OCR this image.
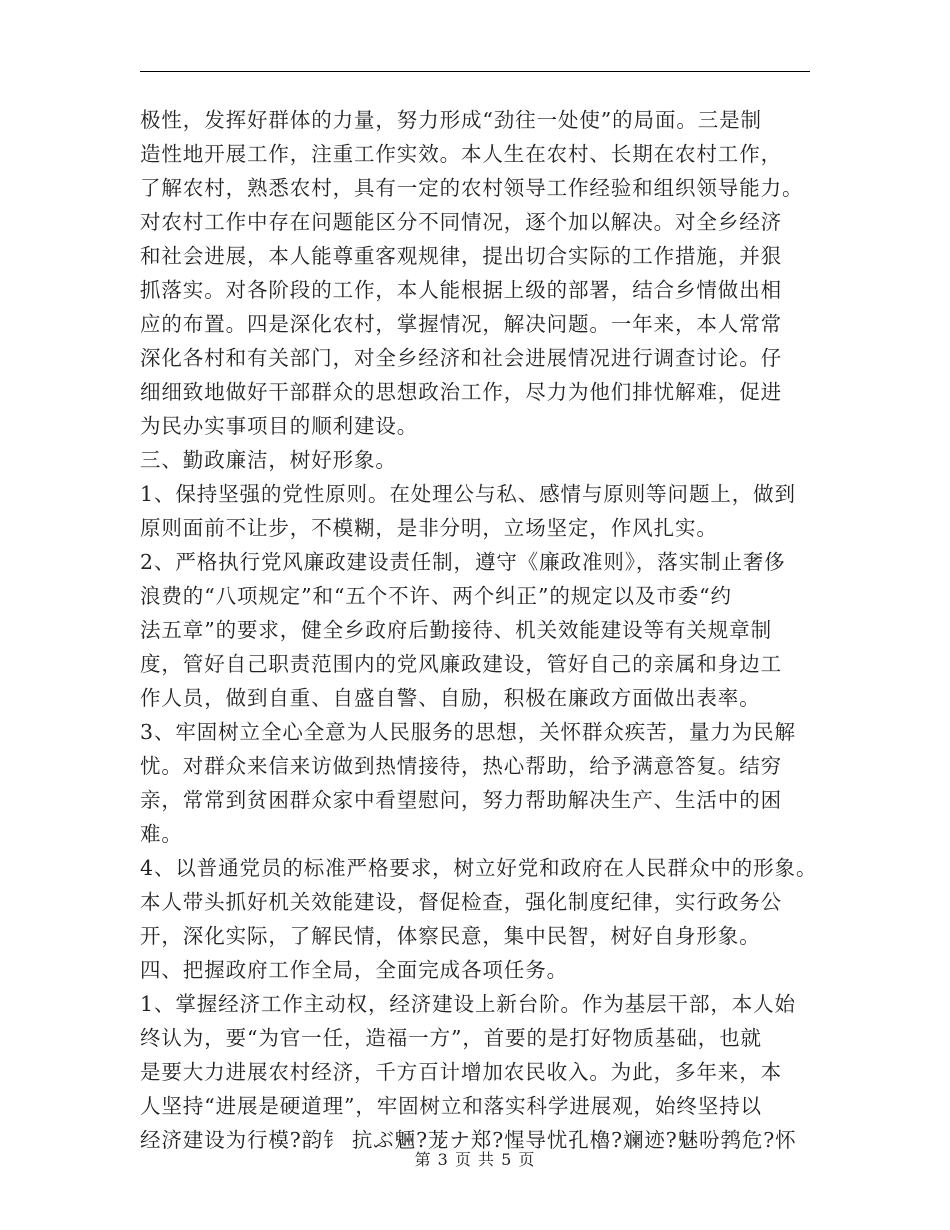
极性，发挥好群体的力量，努力形成“劲往一处使”的局面。三是制
造性地开展工作，注重工作实效。本人生在农村、长期在农村工作，
了解农村，熟悉农村，具有一定的农村领导工作经验和组织领导能力。
对农村工作中存在问题能区分不同情况，逐个加以解决。对全乡经济
和社会进展，本人能尊重客观规律，提出切合实际的工作措施，并狠
抓落实。对各阶段的工作，本人能根据上级的部署，结合乡情做出相
应的布置。四是深化农村，掌握情况，解决问题。一年来，本人常常
深化各村和有关部门，对全乡经济和社会进展情况进行调查讨论。仔
细细致地做好干部群众的思想政治工作，尽力为他们排忧解难，促进
为民办实事项目的顺利建设。
三、勤政廉洁，树好形象。
1、保持坚强的党性原则。在处理公与私、感情与原则等问题上，做到
原则面前不让步，不模糊，是非分明，立场坚定，作风扎实。
2、严格执行党风廉政建设责任制，遵守《廉政准则》，落实制止奢侈
浪费的“八项规定”和“五个不许、两个纠正”的规定以及市委“约
法五章”的要求，健全乡政府后勤接待、机关效能建设等有关规章制
度，管好自己职责范围内的党风廉政建设，管好自己的亲属和身边工
作人员，做到自重、自盛自警、自励，积极在廉政方面做出表率。
3、牢固树立全心全意为人民服务的思想，关怀群众疾苦，量力为民解
忧。对群众来信来访做到热情接待，热心帮助，给予满意答复。结穷
亲，常常到贫困群众家中看望慰问，努力帮助解决生产、生活中的困
难。
4、以普通党员的标准严格要求，树立好党和政府在人民群众中的形象。
本人带头抓好机关效能建设，督促检查，强化制度纪律，实行政务公
开，深化实际，了解民情，体察民意，集中民智，树好自身形象。
四、把握政府工作全局，全面完成各项任务。
1、掌握经济工作主动权，经济建设上新台阶。作为基层干部，本人始
终认为，要“为官一任，造福一方”，首要的是打好物质基础，也就
是要大力进展农村经济，千方百计增加农民收入。为此，多年来，本
人坚持“进展是硬道理”，牢固树立和落实科学进展观，始终坚持以
经济建设为行模?韵钅 抗ぶ魎?茏ナ郑?惺导忧孔櫓?斓迹?魅吩鹁危?怀
第 3 页 共 5 页
